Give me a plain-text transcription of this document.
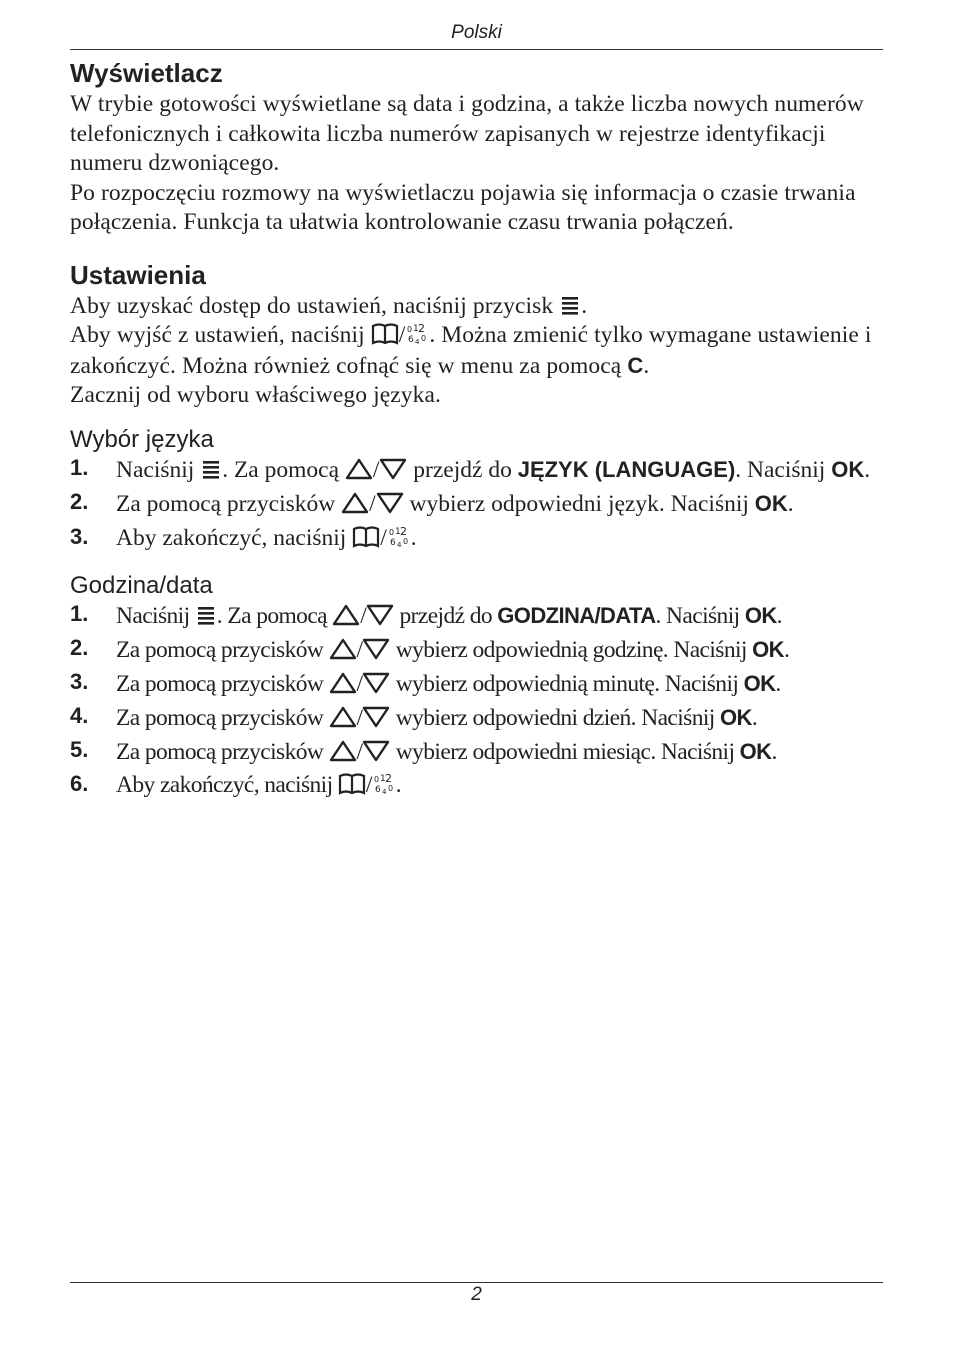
Polski
Wyświetlacz

W trybie gotowości wyświetlane są data i godzina, a także liczba nowych numerów telefonicznych i całkowita liczba numerów zapisanych w rejestrze identyfikacji numeru dzwoniącego.

Po rozpoczęciu rozmowy na wyświetlaczu pojawia się informacja o czasie trwania połączenia. Funkcja ta ułatwia kontrolowanie czasu trwania połączeń.

Ustawienia

Aby uzyskać dostęp do ustawień, naciśnij przycisk
.

Aby wyjść z ustawień, naciśnij
/ 0 1 2
6 4 0 . Można zmienić tylko wymagane ustawienie i zakończyć. Można również cofnąć się w menu za pomocą C.

Zacznij od wyboru właściwego języka.

Wybór języka
1. Naciśnij
. Za pomocą
/
przejdź do JĘZYK (LANGUAGE). Naciśnij OK.
2. Za pomocą przycisków
/
wybierz odpowiedni język. Naciśnij OK.
3. Aby zakończyć, naciśnij
/ 0 1 2
6 4 0 .
Godzina/data
1. Naciśnij
. Za pomocą
/
przejdź do GODZINA/DATA. Naciśnij OK.
2. Za pomocą przycisków
/
wybierz odpowiednią godzinę. Naciśnij OK.
3. Za pomocą przycisków
/
wybierz odpowiednią minutę. Naciśnij OK.
4. Za pomocą przycisków
/
wybierz odpowiedni dzień. Naciśnij OK.
5. Za pomocą przycisków
/
wybierz odpowiedni miesiąc. Naciśnij OK.
6. Aby zakończyć, naciśnij
/ 0 1 2
6 4 0 .
2
